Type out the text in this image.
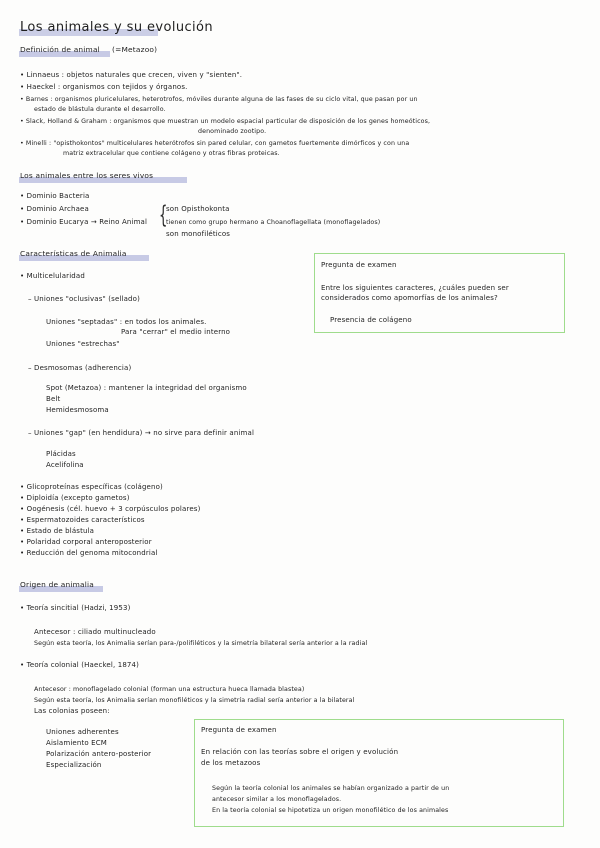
Los animales y su evolución
Definición de animal (=Metazoo)
• Linnaeus : objetos naturales que crecen, viven y "sienten".
• Haeckel : organismos con tejidos y órganos.
• Barnes : organismos pluricelulares, heterotrofos, móviles durante alguna de las fases de su ciclo vital, que pasan por un
estado de blástula durante el desarrollo.
• Slack, Holland & Graham : organismos que muestran un modelo espacial particular de disposición de los genes homeóticos,
denominado zootipo.
• Minelli : "opisthokontos" multicelulares heterótrofos sin pared celular, con gametos fuertemente dimórficos y con una
matriz extracelular que contiene colágeno y otras fibras proteicas.
Los animales entre los seres vivos
• Dominio Bacteria
• Dominio Archaea
• Dominio Eucarya → Reino Animal {
son Opisthokonta
tienen como grupo hermano a Choanoflagellata (monoflagelados)
son monofiléticos
Características de Animalia
• Multicelularidad
– Uniones "oclusivas" (sellado)
Uniones "septadas" : en todos los animales.
Para "cerrar" el medio interno
Uniones "estrechas"
– Desmosomas (adherencia)
Spot (Metazoa) : mantener la integridad del organismo
Belt
Hemidesmosoma
– Uniones "gap" (en hendidura) → no sirve para definir animal
Plácidas
Acelifolina
• Glicoproteínas específicas (colágeno)
• Diploidía (excepto gametos)
• Oogénesis (cél. huevo + 3 corpúsculos polares)
• Espermatozoides característicos
• Estado de blástula
• Polaridad corporal anteroposterior
• Reducción del genoma mitocondrial
Pregunta de examen
Entre los siguientes caracteres, ¿cuáles pueden ser
considerados como apomorfías de los animales?
Presencia de colágeno
Origen de animalia
• Teoría sincitial (Hadzi, 1953)
Antecesor : ciliado multinucleado
Según esta teoría, los Animalia serían para-/polifiléticos y la simetría bilateral sería anterior a la radial
• Teoría colonial (Haeckel, 1874)
Antecesor : monoflagelado colonial (forman una estructura hueca llamada blastea)
Según esta teoría, los Animalia serían monofiléticos y la simetría radial sería anterior a la bilateral
Las colonias poseen:
Uniones adherentes
Aislamiento ECM
Polarización antero-posterior
Especialización
Pregunta de examen
En relación con las teorías sobre el origen y evolución
de los metazoos
Según la teoría colonial los animales se habían organizado a partir de un
antecesor similar a los monoflagelados.
En la teoría colonial se hipotetiza un origen monofilético de los animales
